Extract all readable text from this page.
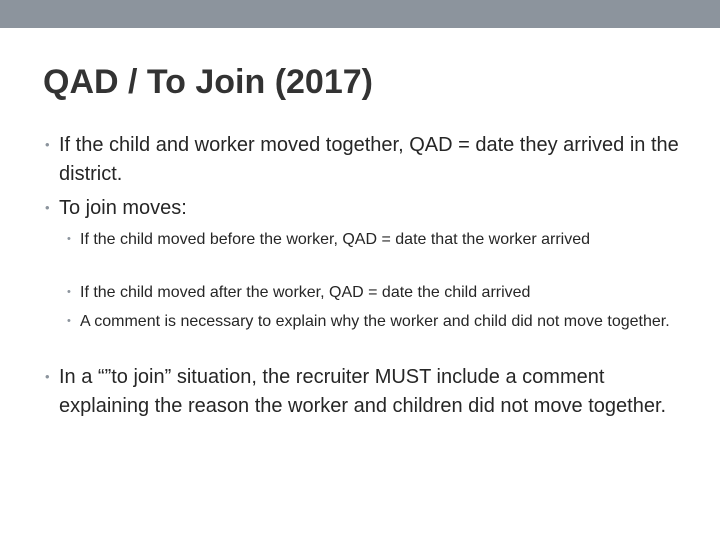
QAD / To Join (2017)

• If the child and worker moved together, QAD = date they arrived in the district.

• To join moves:

• If the child moved before the worker, QAD = date that the worker arrived

• If the child moved after the worker, QAD = date the child arrived

• A comment is necessary to explain why the worker and child did not move together.

• In a “”to join” situation, the recruiter MUST include a comment explaining the reason the worker and children did not move together.
